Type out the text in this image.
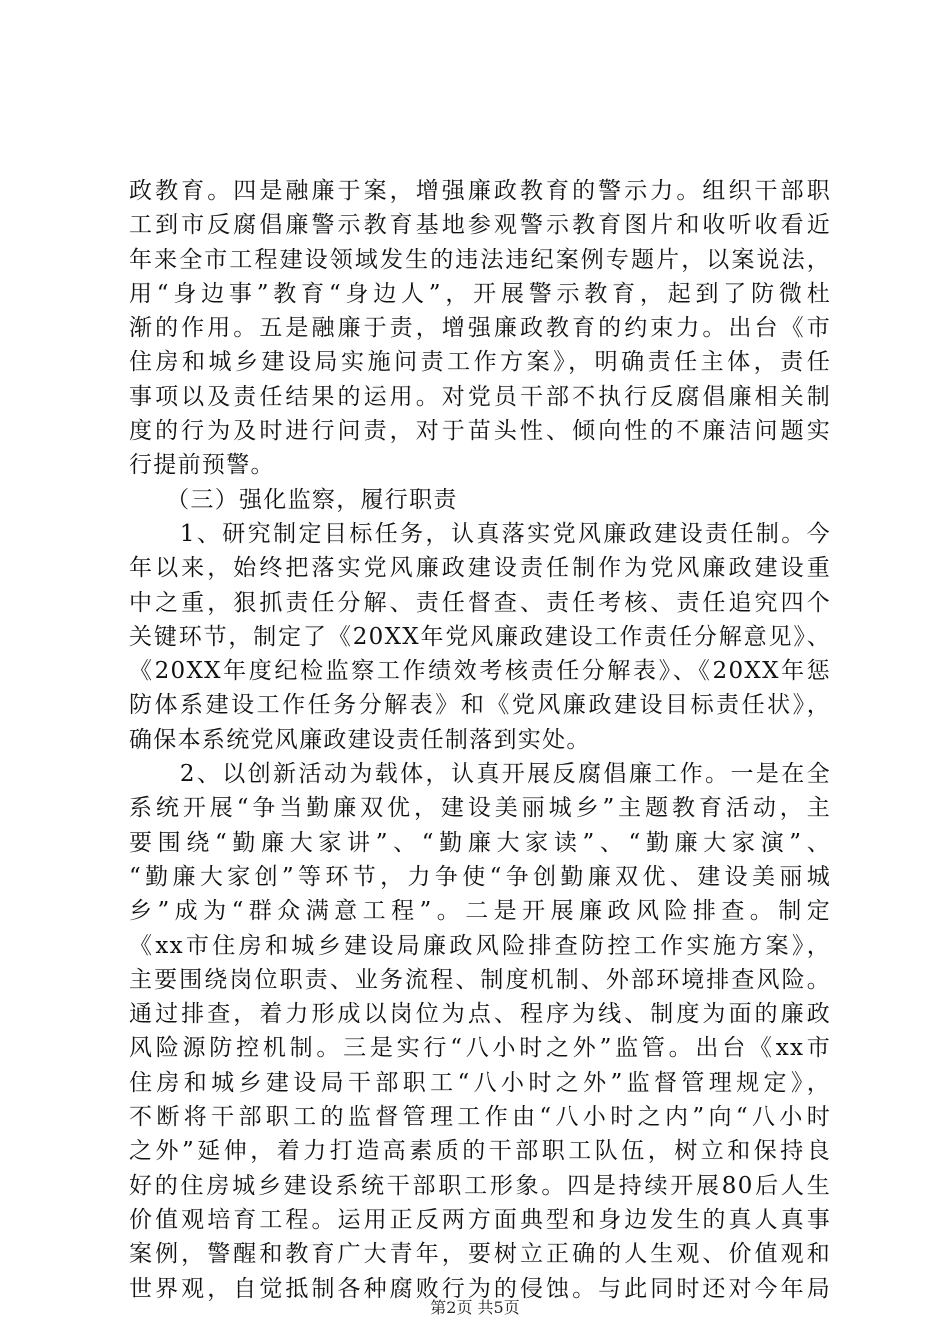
政教育。四是融廉于案，增强廉政教育的警示力。组织干部职
工到市反腐倡廉警示教育基地参观警示教育图片和收听收看近
年来全市工程建设领域发生的违法违纪案例专题片，以案说法，
用“身边事”教育“身边人”，开展警示教育，起到了防微杜
渐的作用。五是融廉于责，增强廉政教育的约束力。出台《市
住房和城乡建设局实施问责工作方案》，明确责任主体，责任
事项以及责任结果的运用。对党员干部不执行反腐倡廉相关制
度的行为及时进行问责，对于苗头性、倾向性的不廉洁问题实
行提前预警。
　　（三）强化监察，履行职责
　　1、研究制定目标任务，认真落实党风廉政建设责任制。今
年以来，始终把落实党风廉政建设责任制作为党风廉政建设重
中之重，狠抓责任分解、责任督查、责任考核、责任追究四个
关键环节，制定了《20XX年党风廉政建设工作责任分解意见》、
《20XX年度纪检监察工作绩效考核责任分解表》、《20XX年惩
防体系建设工作任务分解表》和《党风廉政建设目标责任状》，
确保本系统党风廉政建设责任制落到实处。
　　2、以创新活动为载体，认真开展反腐倡廉工作。一是在全
系统开展“争当勤廉双优，建设美丽城乡”主题教育活动，主
要围绕“勤廉大家讲”、“勤廉大家读”、“勤廉大家演”、
“勤廉大家创”等环节，力争使“争创勤廉双优、建设美丽城
乡”成为“群众满意工程”。二是开展廉政风险排查。制定
《xx市住房和城乡建设局廉政风险排查防控工作实施方案》，
主要围绕岗位职责、业务流程、制度机制、外部环境排查风险。
通过排查，着力形成以岗位为点、程序为线、制度为面的廉政
风险源防控机制。三是实行“八小时之外”监管。出台《xx市
住房和城乡建设局干部职工“八小时之外”监督管理规定》，
不断将干部职工的监督管理工作由“八小时之内”向“八小时
之外”延伸，着力打造高素质的干部职工队伍，树立和保持良
好的住房城乡建设系统干部职工形象。四是持续开展80后人生
价值观培育工程。运用正反两方面典型和身边发生的真人真事
案例，警醒和教育广大青年，要树立正确的人生观、价值观和
世界观，自觉抵制各种腐败行为的侵蚀。与此同时还对今年局
第2页 共5页
